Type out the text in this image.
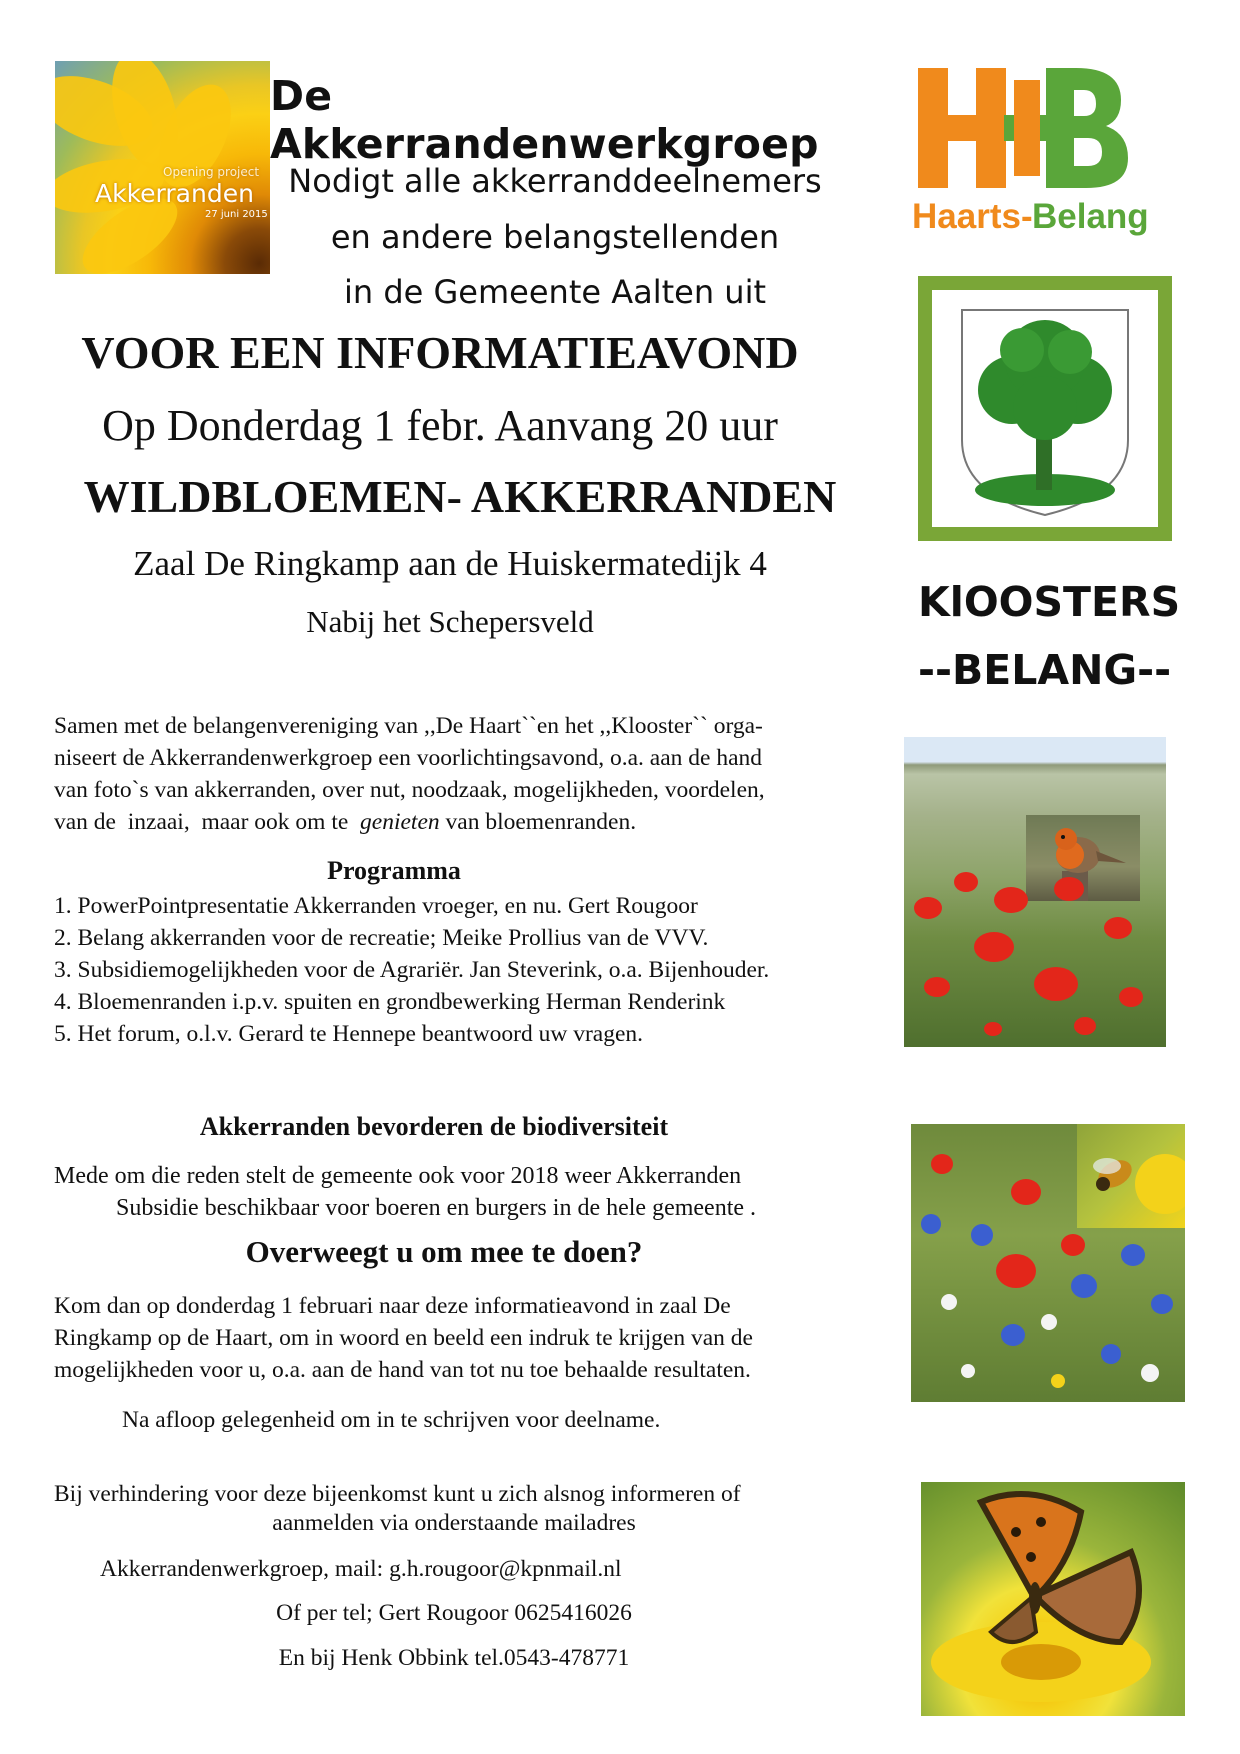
Opening project
Akkerranden
27 juni 2015
De Akkerrandenwerkgroep
Nodigt alle akkerranddeelnemers
en andere belangstellenden
in de Gemeente Aalten uit
VOOR EEN INFORMATIEAVOND
Op Donderdag 1 febr. Aanvang 20 uur
WILDBLOEMEN- AKKERRANDEN
Zaal De Ringkamp aan de Huiskermatedijk 4
Nabij het Schepersveld
Haarts- Belang
KlOOSTERS
--BELANG--
Samen met de belangenvereniging van ,,De Haart``en het ,,Klooster`` orga-
niseert de Akkerrandenwerkgroep een voorlichtingsavond, o.a. aan de hand
van foto`s van akkerranden, over nut, noodzaak, mogelijkheden, voordelen,
van de  inzaai,  maar ook om te  genieten van bloemenranden.
Programma
1. PowerPointpresentatie Akkerranden vroeger, en nu. Gert Rougoor
2. Belang akkerranden voor de recreatie; Meike Prollius van de VVV.
3. Subsidiemogelijkheden voor de Agrariër. Jan Steverink, o.a. Bijenhouder.
4. Bloemenranden i.p.v. spuiten en grondbewerking Herman Renderink
5. Het forum, o.l.v. Gerard te Hennepe beantwoord uw vragen.
Akkerranden bevorderen de biodiversiteit
Mede om die reden stelt de gemeente ook voor 2018 weer Akkerranden
Subsidie beschikbaar voor boeren en burgers in de hele gemeente .
Overweegt u om mee te doen?
Kom dan op donderdag 1 februari naar deze informatieavond in zaal De
Ringkamp op de Haart, om in woord en beeld een indruk te krijgen van de
mogelijkheden voor u, o.a. aan de hand van tot nu toe behaalde resultaten.
Na afloop gelegenheid om in te schrijven voor deelname.
Bij verhindering voor deze bijeenkomst kunt u zich alsnog informeren of
aanmelden via onderstaande mailadres
Akkerrandenwerkgroep, mail: g.h.rougoor@kpnmail.nl
Of per tel; Gert Rougoor 0625416026
En bij Henk Obbink tel.0543-478771
